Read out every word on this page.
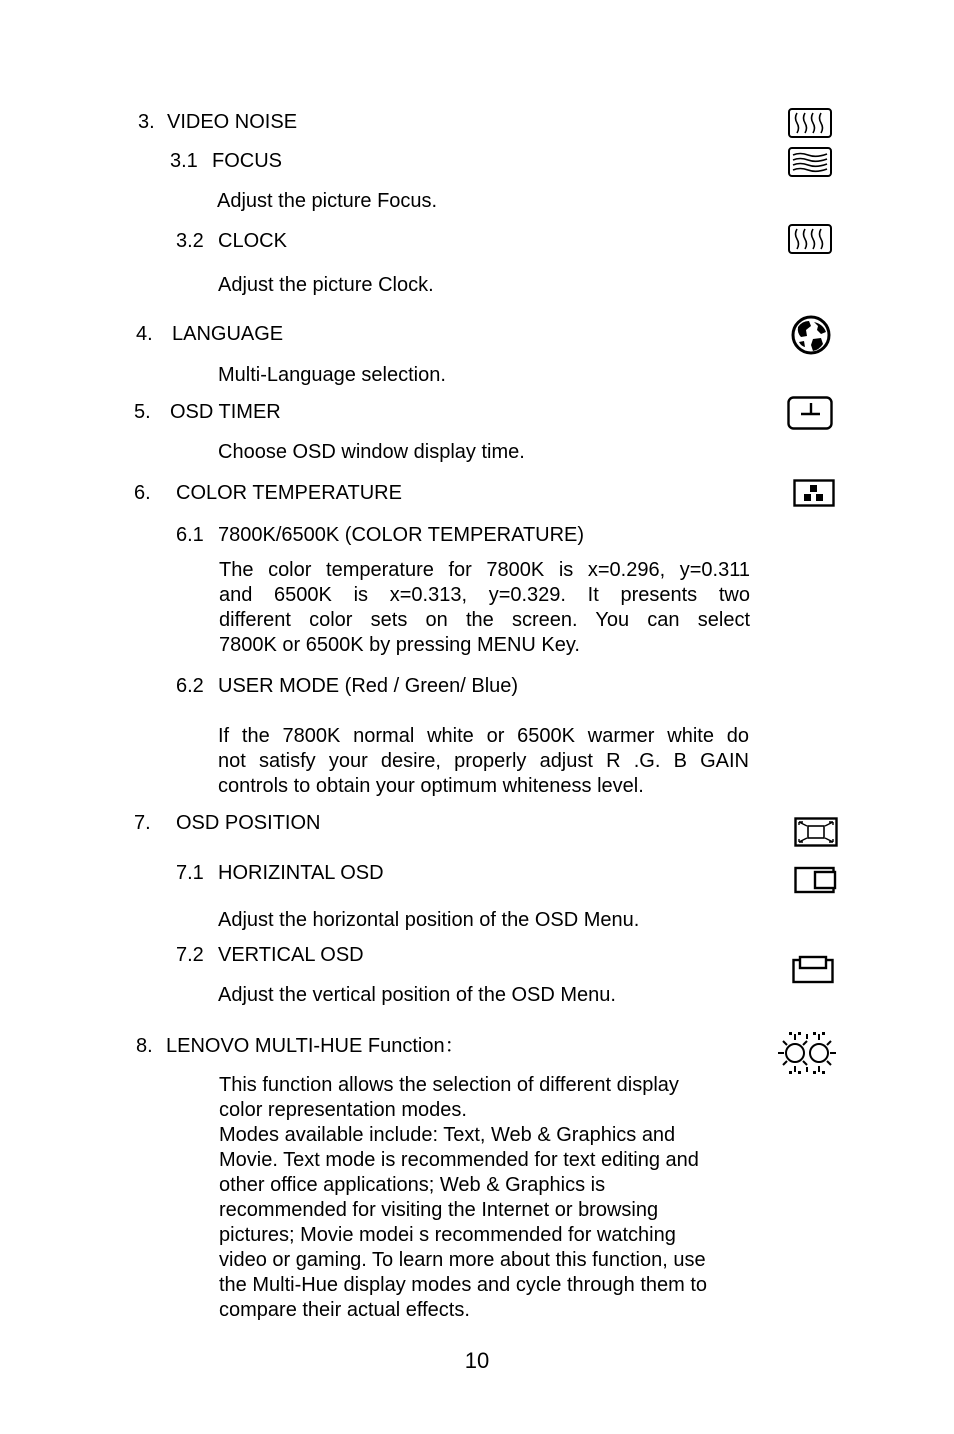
3. VIDEO NOISE
3.1 FOCUS
Adjust the picture Focus.
3.2 CLOCK
Adjust the picture Clock.
4. LANGUAGE
Multi-Language selection.
5. OSD TIMER
Choose OSD window display time.
6. COLOR TEMPERATURE
6.1 7800K/6500K (COLOR TEMPERATURE)
The color temperature for 7800K is x=0.296, y=0.311
and 6500K is x=0.313, y=0.329. It presents two
different color sets on the screen. You can select
7800K or 6500K by pressing MENU Key.
6.2 USER MODE (Red / Green/ Blue)
If the 7800K normal white or 6500K warmer white do
not satisfy your desire, properly adjust R .G. B GAIN
controls to obtain your optimum whiteness level.
7. OSD POSITION
7.1 HORIZINTAL OSD
Adjust the horizontal position of the OSD Menu.
7.2 VERTICAL OSD
Adjust the vertical position of the OSD Menu.
8. LENOVO MULTI-HUE Function：
This function allows the selection of different display
color representation modes.
Modes available include: Text, Web & Graphics and
Movie. Text mode is recommended for text editing and
other office applications; Web & Graphics is
recommended for visiting the Internet or browsing
pictures; Movie modei s recommended for watching
video or gaming. To learn more about this function, use
the Multi-Hue display modes and cycle through them to
compare their actual effects.
10
